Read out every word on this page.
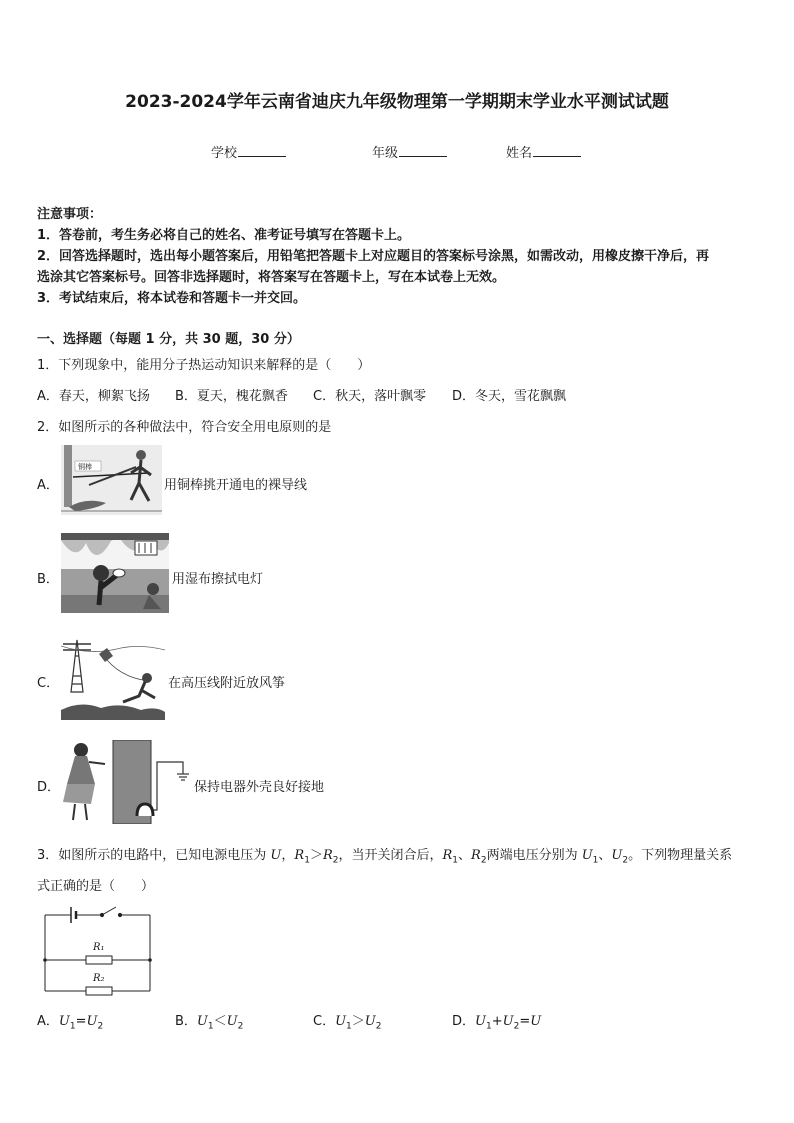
2023-2024学年云南省迪庆九年级物理第一学期期末学业水平测试试题
学校	年级	姓名
注意事项：
1．答卷前，考生务必将自己的姓名、准考证号填写在答题卡上。
2．回答选择题时，选出每小题答案后，用铅笔把答题卡上对应题目的答案标号涂黑，如需改动，用橡皮擦干净后，再
选涂其它答案标号。回答非选择题时，将答案写在答题卡上，写在本试卷上无效。
3．考试结束后，将本试卷和答题卡一并交回。
一、选择题（每题 1 分，共 30 题，30 分）
1．下列现象中，能用分子热运动知识来解释的是（　　）
A．春天，柳絮飞扬 B．夏天，槐花飘香 C．秋天，落叶飘零 D．冬天，雪花飘飘
2．如图所示的各种做法中，符合安全用电原则的是
A．
铜棒
用铜棒挑开通电的裸导线
B．	用湿布擦拭电灯
C．	在高压线附近放风筝
D．	保持电器外壳良好接地
3．如图所示的电路中，已知电源电压为 U，$R_1>R_2$，当开关闭合后，$R_1$、$R_2$两端电压分别为 $U_1$、$U_2$。下列物理量关系
式正确的是（　　）
R₁
R₂
A．$U_1=U_2$	B．$U_1<U_2$	C．$U_1>U_2$	D．$U_1+U_2=U$
